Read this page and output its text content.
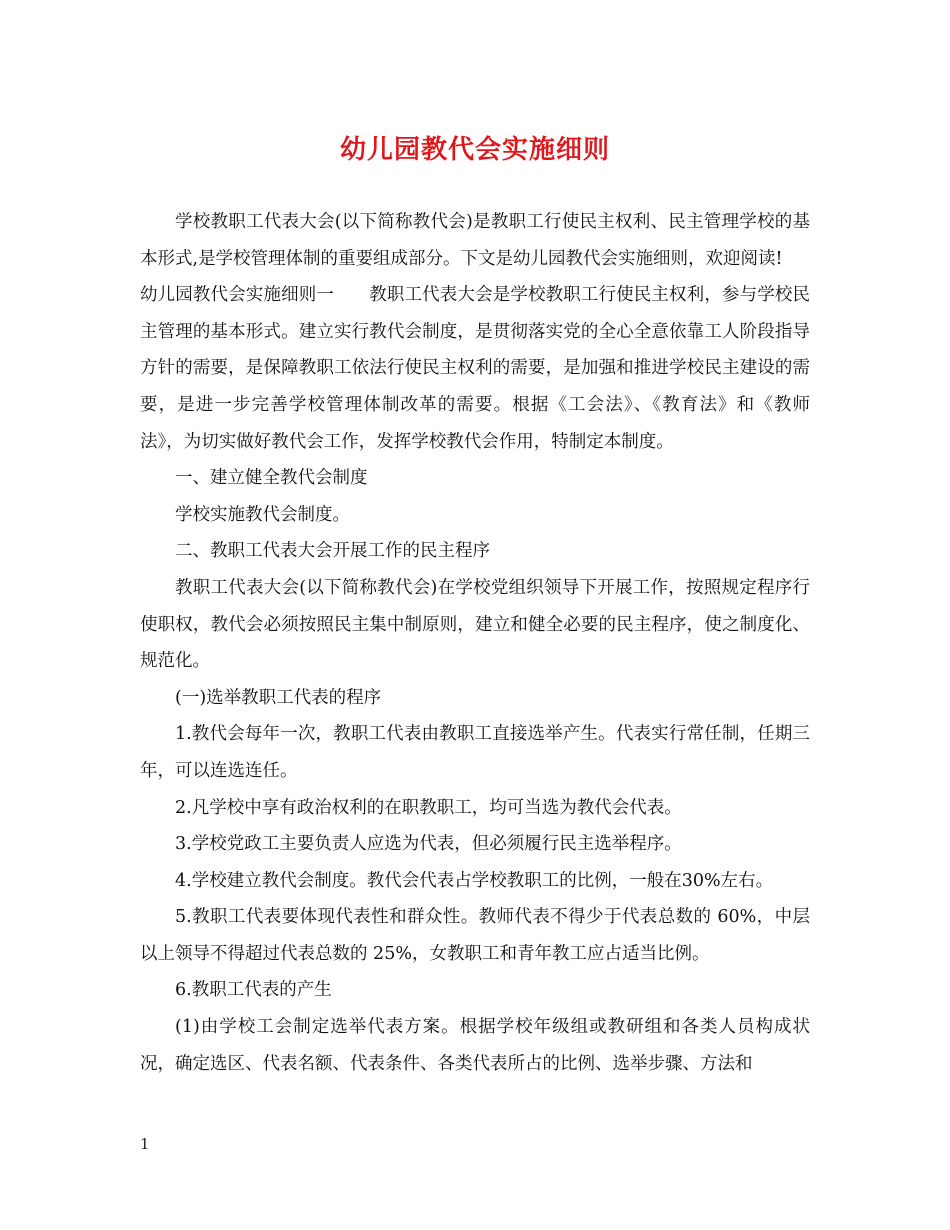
幼儿园教代会实施细则

学校教职工代表大会(以下简称教代会)是教职工行使民主权利、民主管理学校的基本形式,是学校管理体制的重要组成部分。下文是幼儿园教代会实施细则，欢迎阅读!

幼儿园教代会实施细则一　　教职工代表大会是学校教职工行使民主权利，参与学校民主管理的基本形式。建立实行教代会制度，是贯彻落实党的全心全意依靠工人阶段指导方针的需要，是保障教职工依法行使民主权利的需要，是加强和推进学校民主建设的需要，是进一步完善学校管理体制改革的需要。根据《工会法》、《教育法》和《教师法》，为切实做好教代会工作，发挥学校教代会作用，特制定本制度。

一、建立健全教代会制度

学校实施教代会制度。

二、教职工代表大会开展工作的民主程序

教职工代表大会(以下简称教代会)在学校党组织领导下开展工作，按照规定程序行使职权，教代会必须按照民主集中制原则，建立和健全必要的民主程序，使之制度化、规范化。

(一)选举教职工代表的程序

1.教代会每年一次，教职工代表由教职工直接选举产生。代表实行常任制，任期三年，可以连选连任。

2.凡学校中享有政治权利的在职教职工，均可当选为教代会代表。

3.学校党政工主要负责人应选为代表，但必须履行民主选举程序。

4.学校建立教代会制度。教代会代表占学校教职工的比例，一般在30%左右。

5.教职工代表要体现代表性和群众性。教师代表不得少于代表总数的 60%，中层以上领导不得超过代表总数的 25%，女教职工和青年教工应占适当比例。

6.教职工代表的产生

(1)由学校工会制定选举代表方案。根据学校年级组或教研组和各类人员构成状况，确定选区、代表名额、代表条件、各类代表所占的比例、选举步骤、方法和

1
